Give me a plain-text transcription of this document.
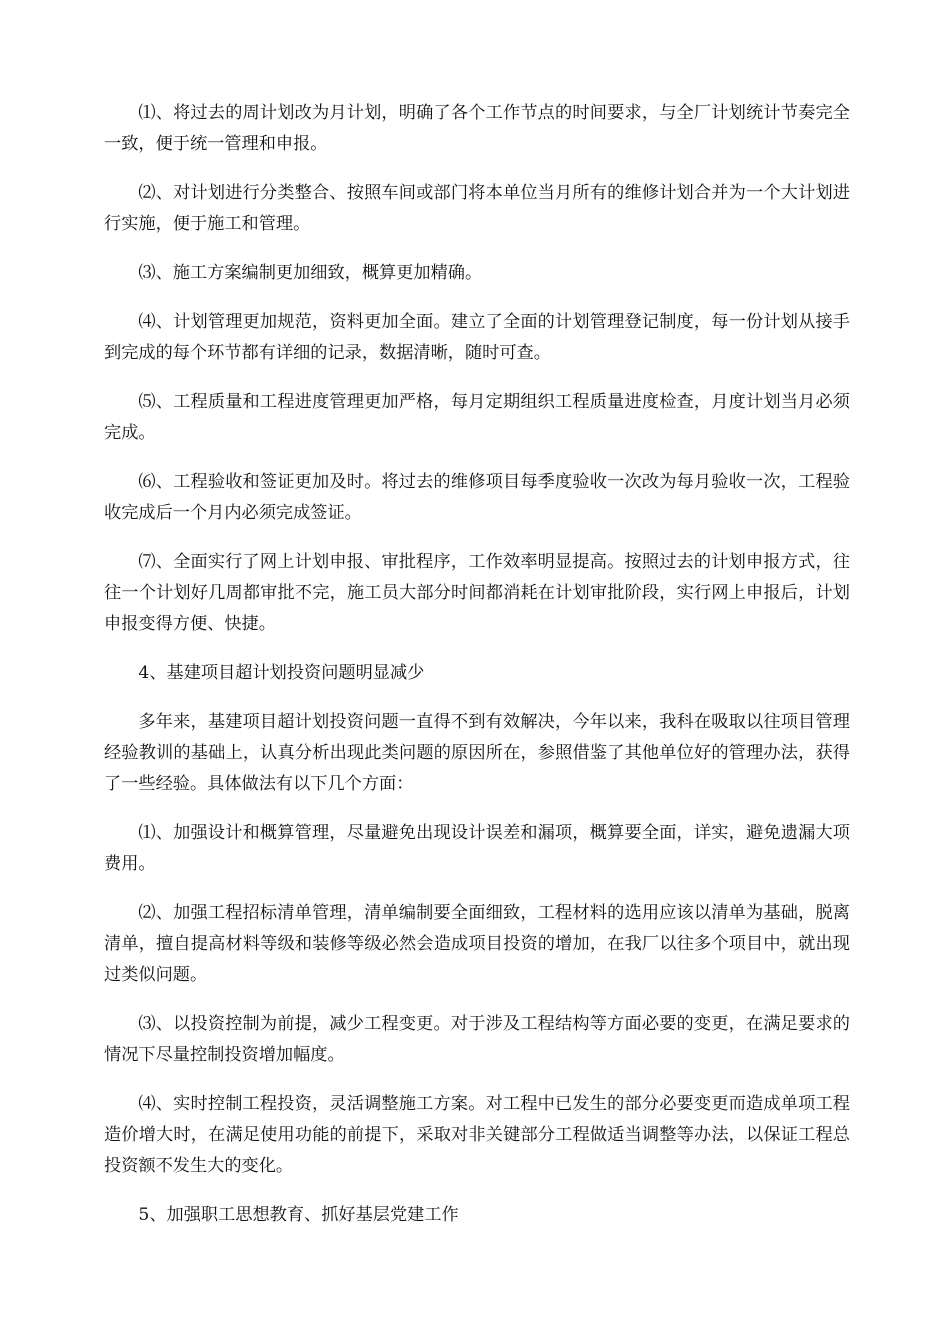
⑴、将过去的周计划改为月计划，明确了各个工作节点的时间要求，与全厂计划统计节奏完全一致，便于统一管理和申报。

⑵、对计划进行分类整合、按照车间或部门将本单位当月所有的维修计划合并为一个大计划进行实施，便于施工和管理。

⑶、施工方案编制更加细致，概算更加精确。

⑷、计划管理更加规范，资料更加全面。建立了全面的计划管理登记制度，每一份计划从接手到完成的每个环节都有详细的记录，数据清晰，随时可查。

⑸、工程质量和工程进度管理更加严格，每月定期组织工程质量进度检查，月度计划当月必须完成。

⑹、工程验收和签证更加及时。将过去的维修项目每季度验收一次改为每月验收一次，工程验收完成后一个月内必须完成签证。

⑺、全面实行了网上计划申报、审批程序，工作效率明显提高。按照过去的计划申报方式，往往一个计划好几周都审批不完，施工员大部分时间都消耗在计划审批阶段，实行网上申报后，计划申报变得方便、快捷。

4、基建项目超计划投资问题明显减少

多年来，基建项目超计划投资问题一直得不到有效解决，今年以来，我科在吸取以往项目管理经验教训的基础上，认真分析出现此类问题的原因所在，参照借鉴了其他单位好的管理办法，获得了一些经验。具体做法有以下几个方面：

⑴、加强设计和概算管理，尽量避免出现设计误差和漏项，概算要全面，详实，避免遗漏大项费用。

⑵、加强工程招标清单管理，清单编制要全面细致，工程材料的选用应该以清单为基础，脱离清单，擅自提高材料等级和装修等级必然会造成项目投资的增加，在我厂以往多个项目中，就出现过类似问题。

⑶、以投资控制为前提，减少工程变更。对于涉及工程结构等方面必要的变更，在满足要求的情况下尽量控制投资增加幅度。

⑷、实时控制工程投资，灵活调整施工方案。对工程中已发生的部分必要变更而造成单项工程造价增大时，在满足使用功能的前提下，采取对非关键部分工程做适当调整等办法，以保证工程总投资额不发生大的变化。

5、加强职工思想教育、抓好基层党建工作
